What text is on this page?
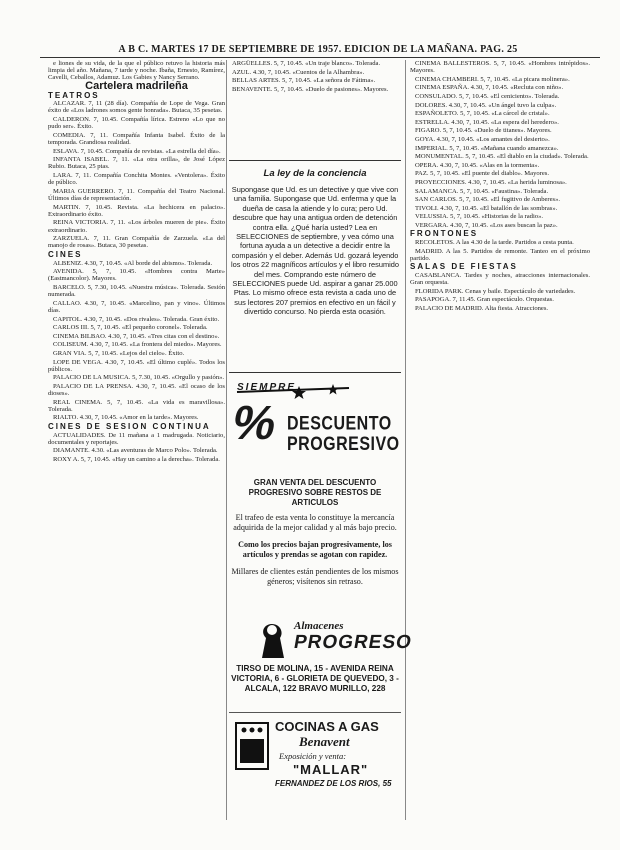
A B C. MARTES 17 DE SEPTIEMBRE DE 1957. EDICION DE LA MAÑANA. PAG. 25

e liones de su vida, de la que el público retuvo la historia más limpia del año. Mañana, 7 tarde y noche. Ibaña, Ernesto, Ramírez, Cavelli, Ceballos, Adamuz. Los Gabies y Nancy Serrano.

Cartelera madrileña

TEATROS

ALCAZAR. 7, 11 (28 día). Compañía de Lope de Vega. Gran éxito de «Los ladrones somos gente honrada». Butaca, 35 pesetas.

CALDERON. 7, 10.45. Compañía lírica. Estreno «Lo que no pudo ser». Éxito.

COMEDIA. 7, 11. Compañía Infanta Isabel. Éxito de la temporada. Grandiosa realidad.

ESLAVA. 7, 10.45. Compañía de revistas. «La estrella del día».

INFANTA ISABEL. 7, 11. «La otra orilla», de José López Rubio. Butaca, 25 ptas.

LARA. 7, 11. Compañía Conchita Montes. «Ventolera». Éxito de público.

MARIA GUERRERO. 7, 11. Compañía del Teatro Nacional. Últimos días de representación.

MARTIN. 7, 10.45. Revista. «La hechicera en palacio». Extraordinario éxito.

REINA VICTORIA. 7, 11. «Los árboles mueren de pie». Éxito extraordinario.

ZARZUELA. 7, 11. Gran Compañía de Zarzuela. «La del manojo de rosas». Butaca, 30 pesetas.

CINES

ALBENIZ. 4.30, 7, 10.45. «Al borde del abismo». Tolerada.

AVENIDA. 5, 7, 10.45. «Hombres contra Marte» (Eastmancolor). Mayores.

BARCELO. 5, 7.30, 10.45. «Nuestra música». Tolerada. Sesión numerada.

CALLAO. 4.30, 7, 10.45. «Marcelino, pan y vino». Últimos días.

CAPITOL. 4.30, 7, 10.45. «Dos rivales». Tolerada. Gran éxito.

CARLOS III. 5, 7, 10.45. «El pequeño coronel». Tolerada.

CINEMA BILBAO. 4.30, 7, 10.45. «Tres citas con el destino».

COLISEUM. 4.30, 7, 10.45. «La frontera del miedo». Mayores.

GRAN VIA. 5, 7, 10.45. «Lejos del cielo». Éxito.

LOPE DE VEGA. 4.30, 7, 10.45. «El último cuplé». Todos los públicos.

PALACIO DE LA MUSICA. 5, 7.30, 10.45. «Orgullo y pasión».

PALACIO DE LA PRENSA. 4.30, 7, 10.45. «El ocaso de los dioses».

REAL CINEMA. 5, 7, 10.45. «La vida es maravillosa». Tolerada.

RIALTO. 4.30, 7, 10.45. «Amor en la tarde». Mayores.

CINES DE SESION CONTINUA

ACTUALIDADES. De 11 mañana a 1 madrugada. Noticiario, documentales y reportajes.

DIAMANTE. 4.30. «Las aventuras de Marco Polo». Tolerada.

ROXY A. 5, 7, 10.45. «Hay un camino a la derecha». Tolerada.

ARGÜELLES. 5, 7, 10.45. «Un traje blanco». Tolerada.

AZUL. 4.30, 7, 10.45. «Cuentos de la Alhambra».

BELLAS ARTES. 5, 7, 10.45. «La señora de Fátima».

BENAVENTE. 5, 7, 10.45. «Duelo de pasiones». Mayores.

La ley de la conciencia
Supongase que Ud. es un detective y que vive con una familia. Supongase que Ud. enferma y que la dueña de casa la atiende y lo cura; pero Ud. descubre que hay una antigua orden de detención contra ella. ¿Qué haría usted? Lea en SELECCIONES de septiembre, y vea cómo una fortuna ayuda a un detective a decidir entre la compasión y el deber. Además Ud. gozará leyendo los otros 22 magníficos artículos y el libro resumido del mes. Comprando este número de SELECCIONES puede Ud. aspirar a ganar 25.000 Ptas. Lo mismo ofrece esta revista a cada uno de sus lectores 207 premios en efectivo en un fácil y divertido concurso. No pierda esta ocasión.
SIEMPRE
% DESCUENTO
PROGRESIVO

GRAN VENTA DEL DESCUENTO PROGRESIVO SOBRE RESTOS DE ARTICULOS

El trafeo de esta venta lo constituye la mercancía adquirida de la mejor calidad y al más bajo precio.

Como los precios bajan progresivamente, los artículos y prendas se agotan con rapidez.

Millares de clientes están pendientes de los mismos géneros; visítenos sin retraso.

Almacenes
PROGRESO
TIRSO DE MOLINA, 15 - AVENIDA REINA VICTORIA, 6 - GLORIETA DE QUEVEDO, 3 - ALCALA, 122 BRAVO MURILLO, 228
COCINAS A GAS
Benavent
Exposición y venta:
"MALLAR"
FERNANDEZ DE LOS RIOS, 55

CINEMA BALLESTEROS. 5, 7, 10.45. «Hombres intrépidos». Mayores.

CINEMA CHAMBERI. 5, 7, 10.45. «La picara molinera».

CINEMA ESPAÑA. 4.30, 7, 10.45. «Recluta con niño».

CONSULADO. 5, 7, 10.45. «El ceniciento». Tolerada.

DOLORES. 4.30, 7, 10.45. «Un ángel tuvo la culpa».

ESPAÑOLETO. 5, 7, 10.45. «La cárcel de cristal».

ESTRELLA. 4.30, 7, 10.45. «La espera del heredero».

FIGARO. 5, 7, 10.45. «Duelo de titanes». Mayores.

GOYA. 4.30, 7, 10.45. «Los amantes del desierto».

IMPERIAL. 5, 7, 10.45. «Mañana cuando amanezca».

MONUMENTAL. 5, 7, 10.45. «El diablo en la ciudad». Tolerada.

OPERA. 4.30, 7, 10.45. «Alas en la tormenta».

PAZ. 5, 7, 10.45. «El puente del diablo». Mayores.

PROYECCIONES. 4.30, 7, 10.45. «La herida luminosa».

SALAMANCA. 5, 7, 10.45. «Faustina». Tolerada.

SAN CARLOS. 5, 7, 10.45. «El fugitivo de Amberes».

TIVOLI. 4.30, 7, 10.45. «El batallón de las sombras».

VELUSSIA. 5, 7, 10.45. «Historias de la radio».

VERGARA. 4.30, 7, 10.45. «Los ases buscan la paz».

FRONTONES

RECOLETOS. A las 4.30 de la tarde. Partidos a cesta punta.

MADRID. A las 5. Partidos de remonte. Tanteo en el próximo partido.

SALAS DE FIESTAS

CASABLANCA. Tardes y noches, atracciones internacionales. Gran orquesta.

FLORIDA PARK. Cenas y baile. Espectáculo de variedades.

PASAPOGA. 7, 11.45. Gran espectáculo. Orquestas.

PALACIO DE MADRID. Alta fiesta. Atracciones.
